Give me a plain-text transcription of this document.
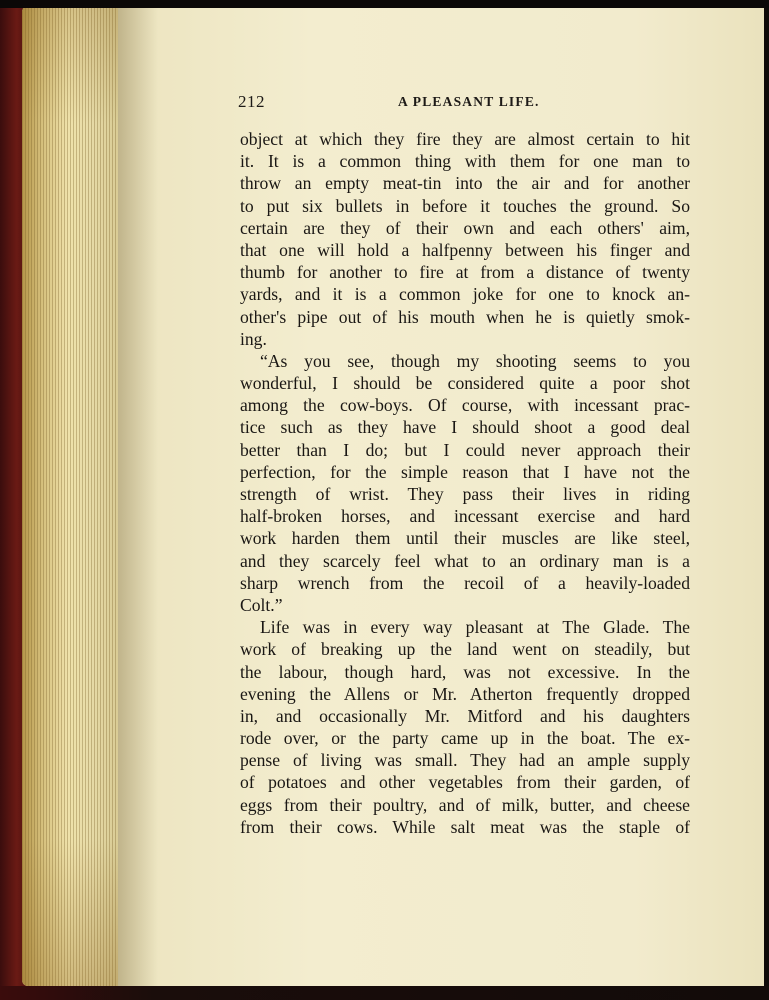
212	A PLEASANT LIFE.
object at which they fire they are almost certain to hit
it. It is a common thing with them for one man to
throw an empty meat-tin into the air and for another
to put six bullets in before it touches the ground. So
certain are they of their own and each others' aim,
that one will hold a halfpenny between his finger and
thumb for another to fire at from a distance of twenty
yards, and it is a common joke for one to knock an-
other's pipe out of his mouth when he is quietly smok-
ing.
“As you see, though my shooting seems to you
wonderful, I should be considered quite a poor shot
among the cow-boys. Of course, with incessant prac-
tice such as they have I should shoot a good deal
better than I do; but I could never approach their
perfection, for the simple reason that I have not the
strength of wrist. They pass their lives in riding
half-broken horses, and incessant exercise and hard
work harden them until their muscles are like steel,
and they scarcely feel what to an ordinary man is a
sharp wrench from the recoil of a heavily-loaded
Colt.”
Life was in every way pleasant at The Glade. The
work of breaking up the land went on steadily, but
the labour, though hard, was not excessive. In the
evening the Allens or Mr. Atherton frequently dropped
in, and occasionally Mr. Mitford and his daughters
rode over, or the party came up in the boat. The ex-
pense of living was small. They had an ample supply
of potatoes and other vegetables from their garden, of
eggs from their poultry, and of milk, butter, and cheese
from their cows. While salt meat was the staple of
